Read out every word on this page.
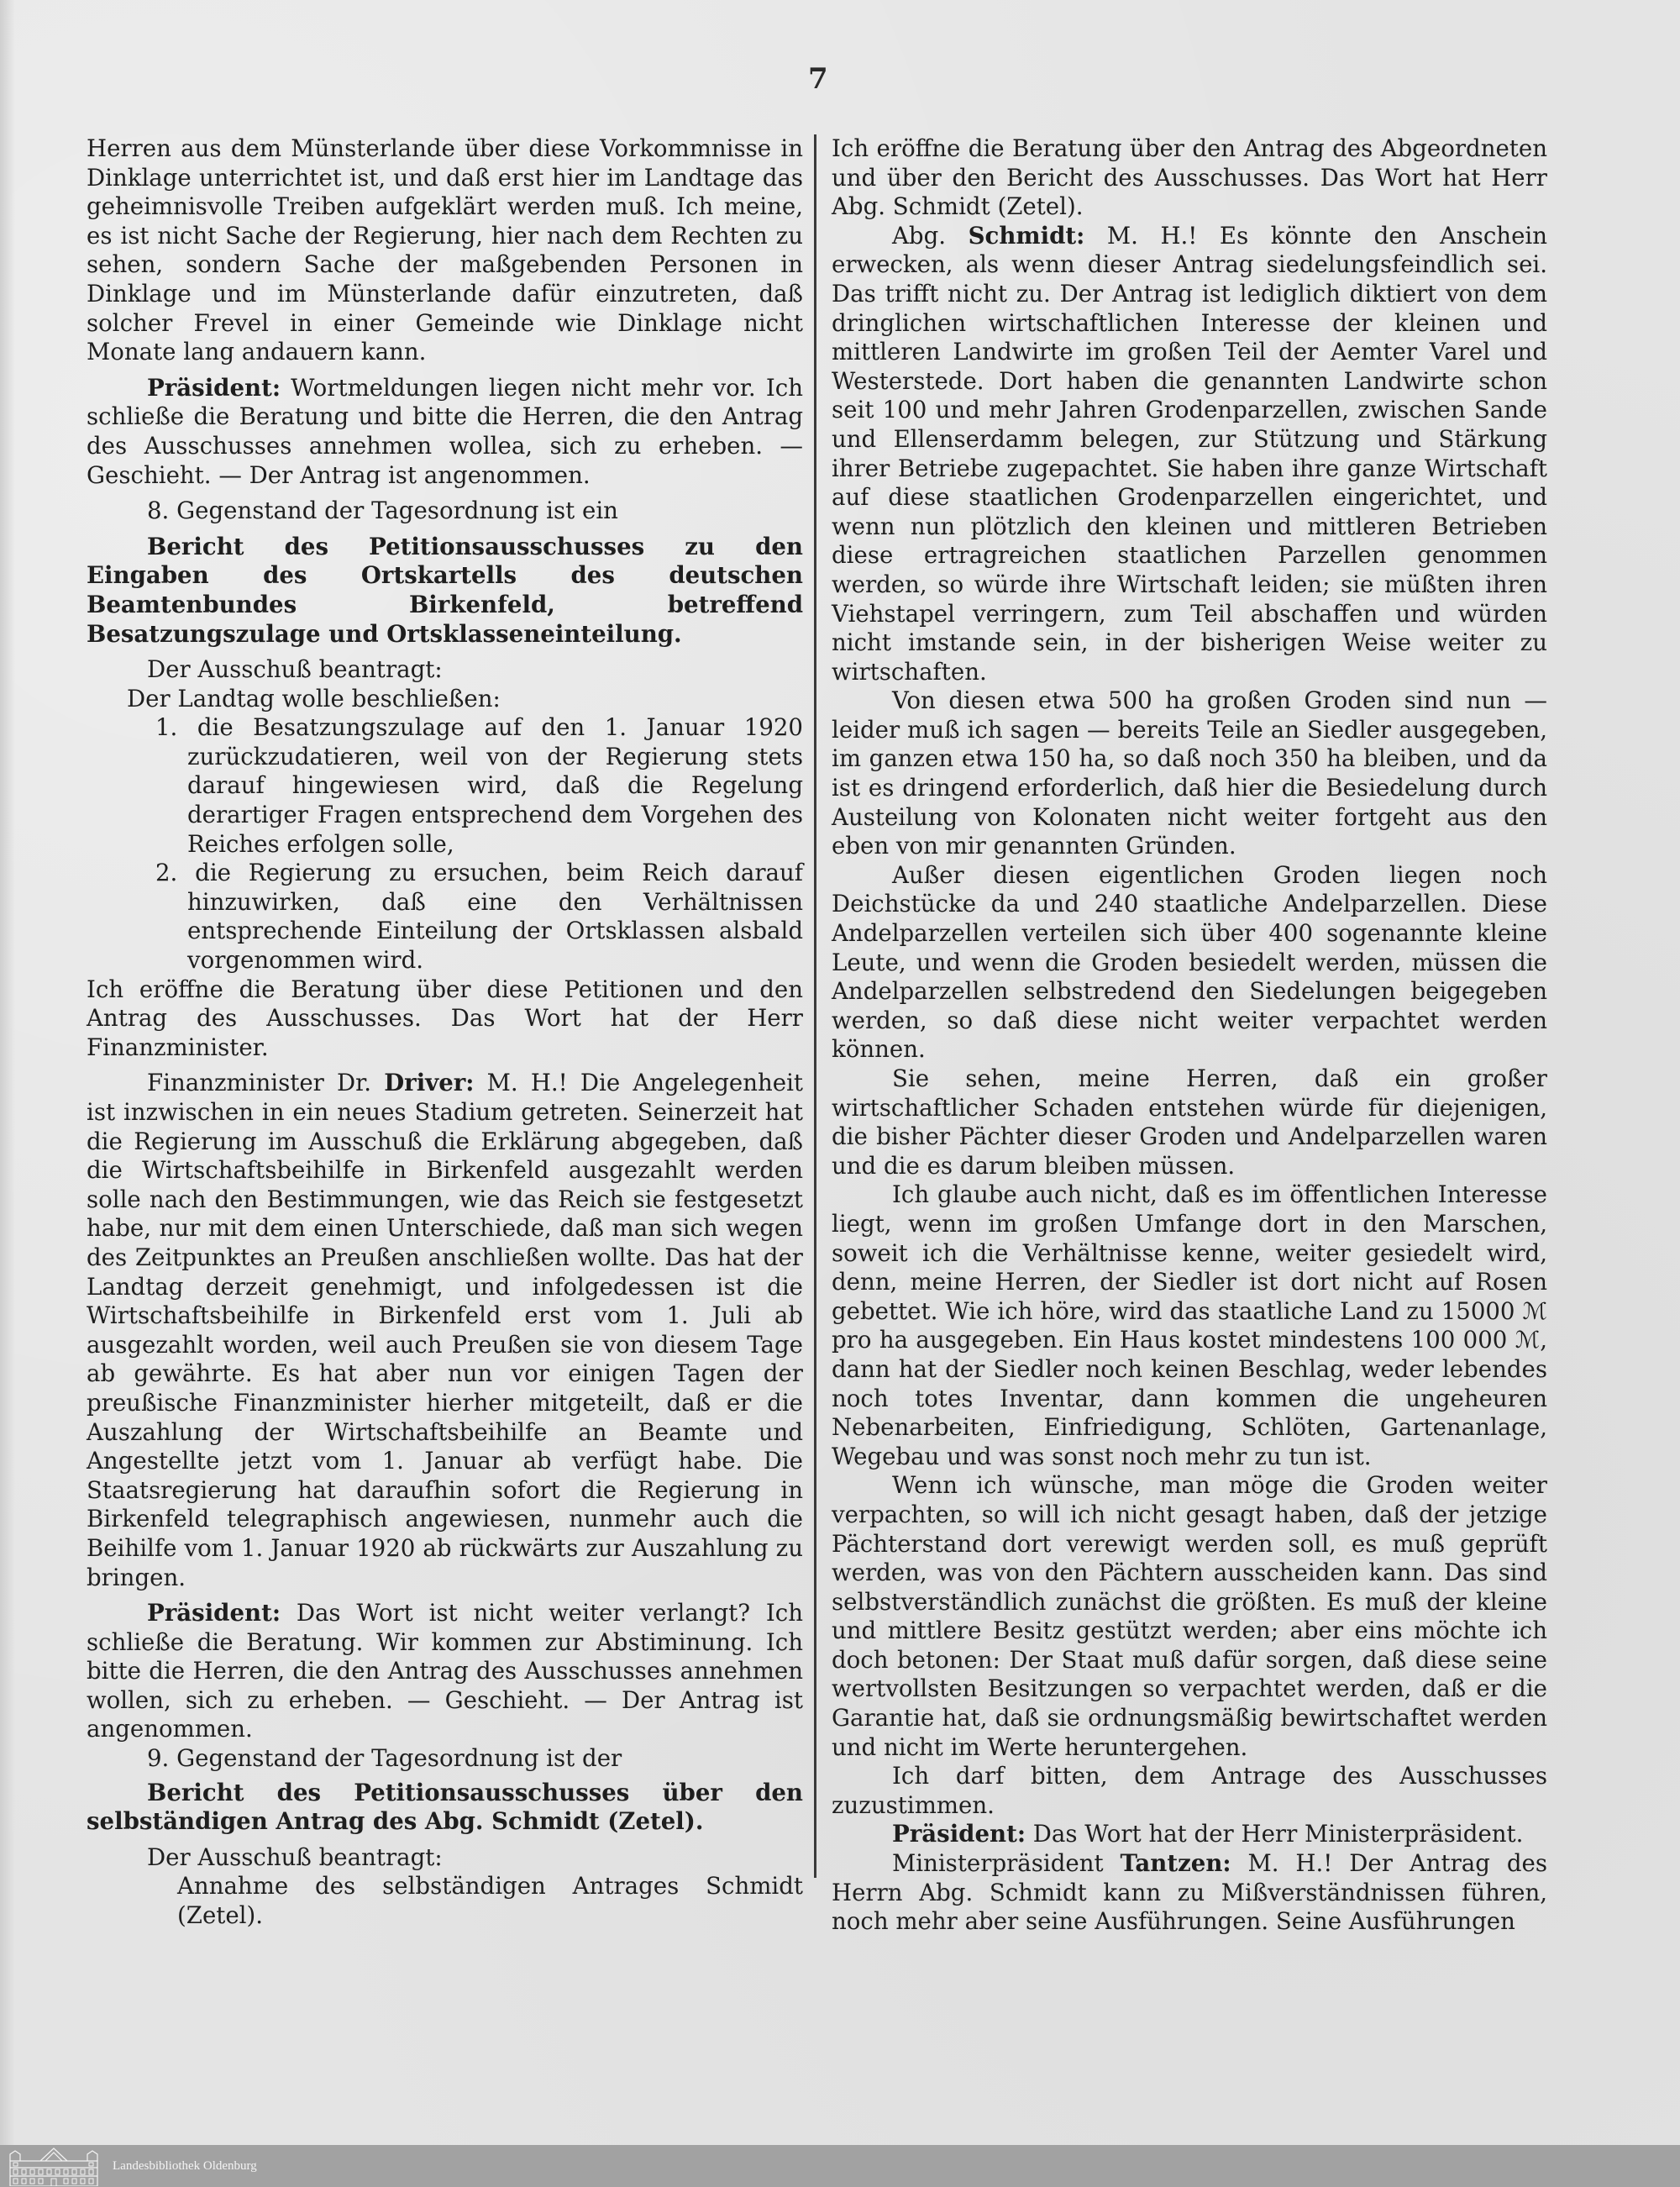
7

Herren aus dem Münsterlande über diese Vorkommnisse in Dinklage unterrichtet ist, und daß erst hier im Landtage das geheimnisvolle Treiben aufgeklärt werden muß. Ich meine, es ist nicht Sache der Regierung, hier nach dem Rechten zu sehen, sondern Sache der maßgebenden Personen in Dinklage und im Münsterlande dafür einzutreten, daß solcher Frevel in einer Gemeinde wie Dinklage nicht Monate lang andauern kann.

Präsident: Wortmeldungen liegen nicht mehr vor. Ich schließe die Beratung und bitte die Herren, die den Antrag des Ausschusses annehmen wollea, sich zu erheben. — Geschieht. — Der Antrag ist angenommen.

8. Gegenstand der Tagesordnung ist ein

Bericht des Petitionsausschusses zu den Eingaben des Ortskartells des deutschen Beamtenbundes Birkenfeld, betreffend Besatzungszulage und Ortsklasseneinteilung.

Der Ausschuß beantragt:

Der Landtag wolle beschließen:

1. die Besatzungszulage auf den 1. Januar 1920 zurückzudatieren, weil von der Regierung stets darauf hingewiesen wird, daß die Regelung derartiger Fragen entsprechend dem Vorgehen des Reiches erfolgen solle,

2. die Regierung zu ersuchen, beim Reich darauf hinzuwirken, daß eine den Verhältnissen entsprechende Einteilung der Ortsklassen alsbald vorgenommen wird.

Ich eröffne die Beratung über diese Petitionen und den Antrag des Ausschusses. Das Wort hat der Herr Finanzminister.

Finanzminister Dr. Driver: M. H.! Die Angelegenheit ist inzwischen in ein neues Stadium getreten. Seinerzeit hat die Regierung im Ausschuß die Erklärung abgegeben, daß die Wirtschaftsbeihilfe in Birkenfeld ausgezahlt werden solle nach den Bestimmungen, wie das Reich sie festgesetzt habe, nur mit dem einen Unterschiede, daß man sich wegen des Zeitpunktes an Preußen anschließen wollte. Das hat der Landtag derzeit genehmigt, und infolgedessen ist die Wirtschaftsbeihilfe in Birkenfeld erst vom 1. Juli ab ausgezahlt worden, weil auch Preußen sie von diesem Tage ab gewährte. Es hat aber nun vor einigen Tagen der preußische Finanzminister hierher mitgeteilt, daß er die Auszahlung der Wirtschaftsbeihilfe an Beamte und Angestellte jetzt vom 1. Januar ab verfügt habe. Die Staatsregierung hat daraufhin sofort die Regierung in Birkenfeld telegraphisch angewiesen, nunmehr auch die Beihilfe vom 1. Januar 1920 ab rückwärts zur Auszahlung zu bringen.

Präsident: Das Wort ist nicht weiter verlangt? Ich schließe die Beratung. Wir kommen zur Abstiminung. Ich bitte die Herren, die den Antrag des Ausschusses annehmen wollen, sich zu erheben. — Geschieht. — Der Antrag ist angenommen.

9. Gegenstand der Tagesordnung ist der

Bericht des Petitionsausschusses über den selbständigen Antrag des Abg. Schmidt (Zetel).

Der Ausschuß beantragt:

Annahme des selbständigen Antrages Schmidt (Zetel).

Ich eröffne die Beratung über den Antrag des Abgeordneten und über den Bericht des Ausschusses. Das Wort hat Herr Abg. Schmidt (Zetel).

Abg. Schmidt: M. H.! Es könnte den Anschein erwecken, als wenn dieser Antrag siedelungsfeindlich sei. Das trifft nicht zu. Der Antrag ist lediglich diktiert von dem dringlichen wirtschaftlichen Interesse der kleinen und mittleren Landwirte im großen Teil der Aemter Varel und Westerstede. Dort haben die genannten Landwirte schon seit 100 und mehr Jahren Grodenparzellen, zwischen Sande und Ellenserdamm belegen, zur Stützung und Stärkung ihrer Betriebe zugepachtet. Sie haben ihre ganze Wirtschaft auf diese staatlichen Grodenparzellen eingerichtet, und wenn nun plötzlich den kleinen und mittleren Betrieben diese ertragreichen staatlichen Parzellen genommen werden, so würde ihre Wirtschaft leiden; sie müßten ihren Viehstapel verringern, zum Teil abschaffen und würden nicht imstande sein, in der bisherigen Weise weiter zu wirtschaften.

Von diesen etwa 500 ha großen Groden sind nun — leider muß ich sagen — bereits Teile an Siedler ausgegeben, im ganzen etwa 150 ha, so daß noch 350 ha bleiben, und da ist es dringend erforderlich, daß hier die Besiedelung durch Austeilung von Kolonaten nicht weiter fortgeht aus den eben von mir genannten Gründen.

Außer diesen eigentlichen Groden liegen noch Deichstücke da und 240 staatliche Andelparzellen. Diese Andelparzellen verteilen sich über 400 sogenannte kleine Leute, und wenn die Groden besiedelt werden, müssen die Andelparzellen selbstredend den Siedelungen beigegeben werden, so daß diese nicht weiter verpachtet werden können.

Sie sehen, meine Herren, daß ein großer wirtschaftlicher Schaden entstehen würde für diejenigen, die bisher Pächter dieser Groden und Andelparzellen waren und die es darum bleiben müssen.

Ich glaube auch nicht, daß es im öffentlichen Interesse liegt, wenn im großen Umfange dort in den Marschen, soweit ich die Verhältnisse kenne, weiter gesiedelt wird, denn, meine Herren, der Siedler ist dort nicht auf Rosen gebettet. Wie ich höre, wird das staatliche Land zu 15000 ℳ pro ha ausgegeben. Ein Haus kostet mindestens 100 000 ℳ, dann hat der Siedler noch keinen Beschlag, weder lebendes noch totes Inventar, dann kommen die ungeheuren Nebenarbeiten, Einfriedigung, Schlöten, Gartenanlage, Wegebau und was sonst noch mehr zu tun ist.

Wenn ich wünsche, man möge die Groden weiter verpachten, so will ich nicht gesagt haben, daß der jetzige Pächterstand dort verewigt werden soll, es muß geprüft werden, was von den Pächtern ausscheiden kann. Das sind selbstverständlich zunächst die größten. Es muß der kleine und mittlere Besitz gestützt werden; aber eins möchte ich doch betonen: Der Staat muß dafür sorgen, daß diese seine wertvollsten Besitzungen so verpachtet werden, daß er die Garantie hat, daß sie ordnungsmäßig bewirtschaftet werden und nicht im Werte heruntergehen.

Ich darf bitten, dem Antrage des Ausschusses zuzustimmen.

Präsident: Das Wort hat der Herr Ministerpräsident.

Ministerpräsident Tantzen: M. H.! Der Antrag des Herrn Abg. Schmidt kann zu Mißverständnissen führen, noch mehr aber seine Ausführungen. Seine Ausführungen

Landesbibliothek Oldenburg
